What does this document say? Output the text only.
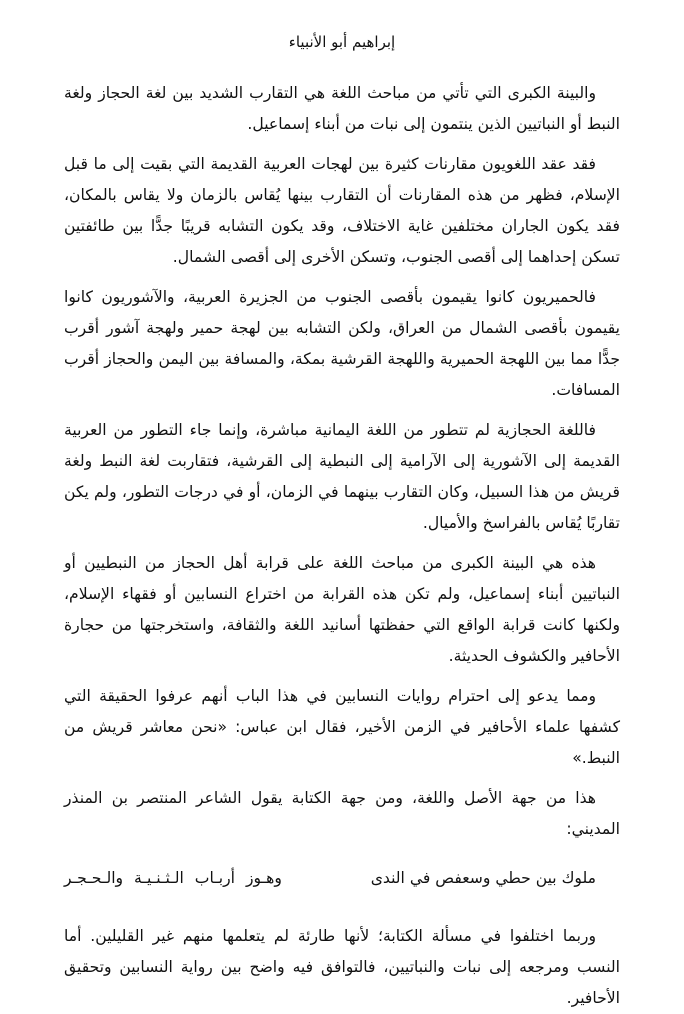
إبراهيم أبو الأنبياء

والبينة الكبرى التي تأتي من مباحث اللغة هي التقارب الشديد بين لغة الحجاز ولغة النبط أو النباتيين الذين ينتمون إلى نبات من أبناء إسماعيل.

فقد عقد اللغويون مقارنات كثيرة بين لهجات العربية القديمة التي بقيت إلى ما قبل الإسلام، فظهر من هذه المقارنات أن التقارب بينها يُقاس بالزمان ولا يقاس بالمكان، فقد يكون الجاران مختلفين غاية الاختلاف، وقد يكون التشابه قريبًا جدًّا بين طائفتين تسكن إحداهما إلى أقصى الجنوب، وتسكن الأخرى إلى أقصى الشمال.

فالحميريون كانوا يقيمون بأقصى الجنوب من الجزيرة العربية، والآشوريون كانوا يقيمون بأقصى الشمال من العراق، ولكن التشابه بين لهجة حمير ولهجة آشور أقرب جدًّا مما بين اللهجة الحميرية واللهجة القرشية بمكة، والمسافة بين اليمن والحجاز أقرب المسافات.

فاللغة الحجازية لم تتطور من اللغة اليمانية مباشرة، وإنما جاء التطور من العربية القديمة إلى الآشورية إلى الآرامية إلى النبطية إلى القرشية، فتقاربت لغة النبط ولغة قريش من هذا السبيل، وكان التقارب بينهما في الزمان، أو في درجات التطور، ولم يكن تقاربًا يُقاس بالفراسخ والأميال.

هذه هي البينة الكبرى من مباحث اللغة على قرابة أهل الحجاز من النبطيين أو النباتيين أبناء إسماعيل، ولم تكن هذه القرابة من اختراع النسابين أو فقهاء الإسلام، ولكنها كانت قرابة الواقع التي حفظتها أسانيد اللغة والثقافة، واستخرجتها من حجارة الأحافير والكشوف الحديثة.

ومما يدعو إلى احترام روايات النسابين في هذا الباب أنهم عرفوا الحقيقة التي كشفها علماء الأحافير في الزمن الأخير، فقال ابن عباس: «نحن معاشر قريش من النبط.»

هذا من جهة الأصل واللغة، ومن جهة الكتابة يقول الشاعر المنتصر بن المنذر المديني:

ملوك بين حطي وسعفص في الندى
وهـوز أربـاب الـثـنـيـة والـحـجـر

وربما اختلفوا في مسألة الكتابة؛ لأنها طارئة لم يتعلمها منهم غير القليلين. أما النسب ومرجعه إلى نبات والنباتيين، فالتوافق فيه واضح بين رواية النسابين وتحقيق الأحافير.
